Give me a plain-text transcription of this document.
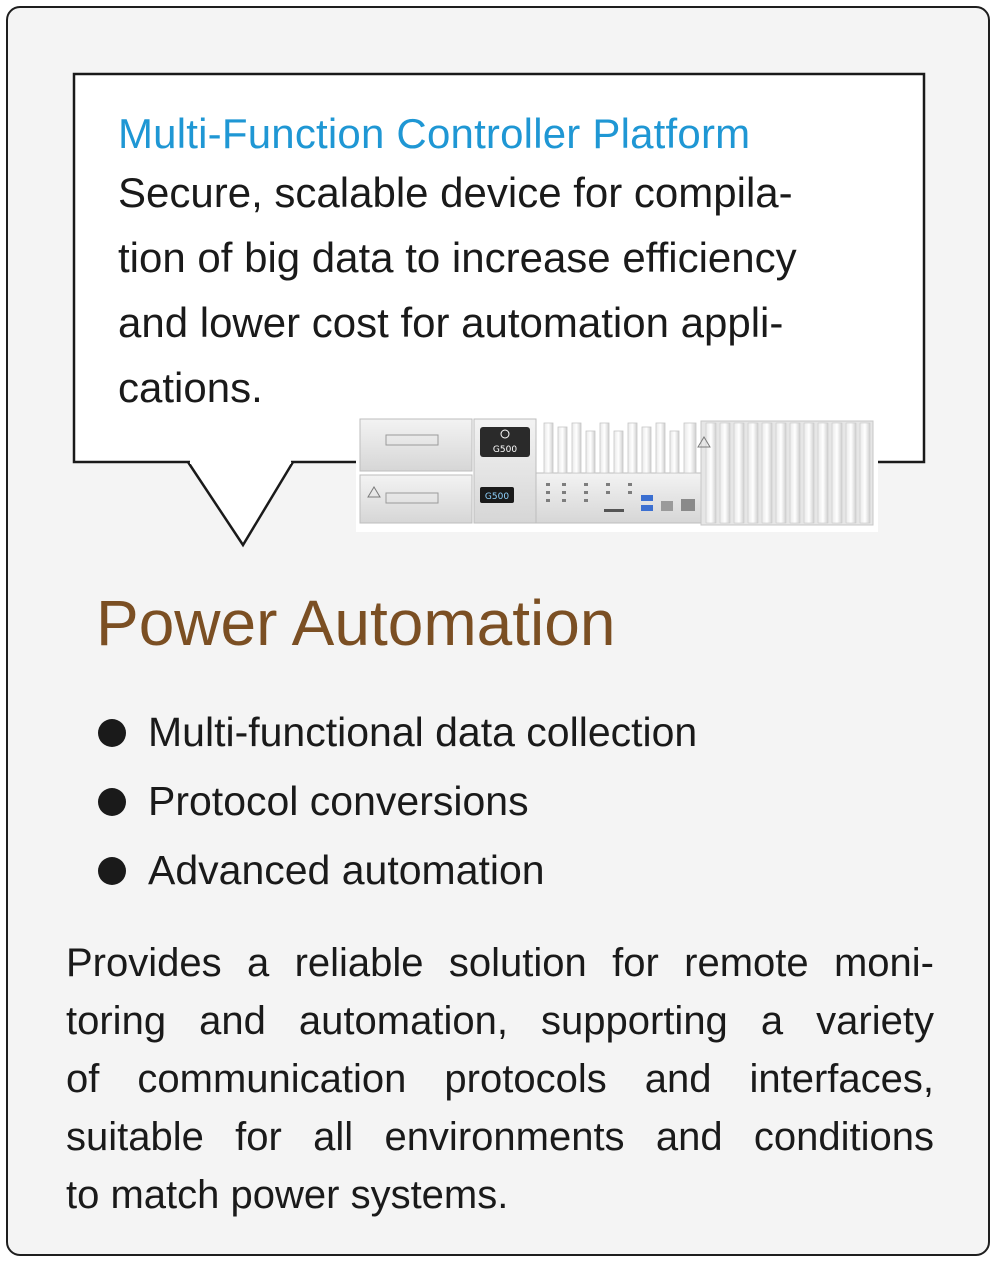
Multi-Function Controller Platform
Secure, scalable device for compila-
tion of big data to increase efficiency
and lower cost for automation appli-
cations.
G500
G500
Power Automation
Multi-functional data collection
Protocol conversions
Advanced automation
Provides a reliable solution for remote moni-
toring and automation, supporting a variety
of communication protocols and interfaces,
suitable for all environments and conditions
to match power systems.
